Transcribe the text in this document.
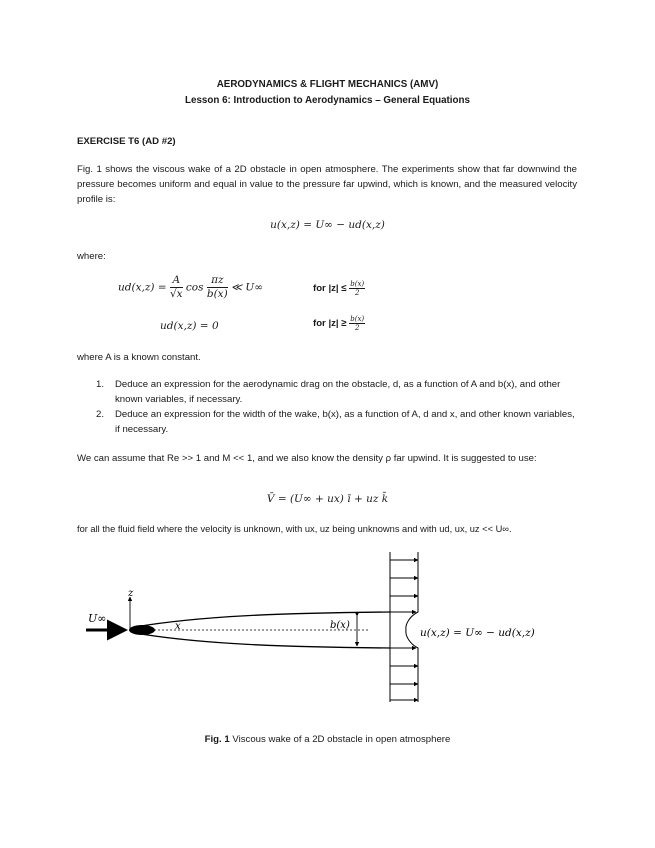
AERODYNAMICS & FLIGHT MECHANICS (AMV)
Lesson 6: Introduction to Aerodynamics – General Equations
EXERCISE T6 (AD #2)
Fig. 1 shows the viscous wake of a 2D obstacle in open atmosphere. The experiments show that far downwind the pressure becomes uniform and equal in value to the pressure far upwind, which is known, and the measured velocity profile is:
u(x,z) = U∞ − ud(x,z)
where:
$ud(x,z) = \frac{A}{√x}$ $\cos \frac{\pi z}{b(x)}$ ≪ U∞	for $|z| \le \frac{b(x)}{2}$
ud(x,z) = 0	for $|z| \ge \frac{b(x)}{2}$
where A is a known constant.
1. Deduce an expression for the aerodynamic drag on the obstacle, d, as a function of A and b(x), and other known variables, if necessary.
2. Deduce an expression for the width of the wake, b(x), as a function of A, d and x, and other known variables, if necessary.
We can assume that Re >> 1 and M << 1, and we also know the density ρ far upwind. It is suggested to use:
V̄ = (U∞ + ux) ī + uz k̄
for all the fluid field where the velocity is unknown, with ux, uz being unknowns and with ud, ux, uz << U∞.
U∞
z
x	b(x)
u(x,z) = U∞ − ud(x,z)
Fig. 1 Viscous wake of a 2D obstacle in open atmosphere
